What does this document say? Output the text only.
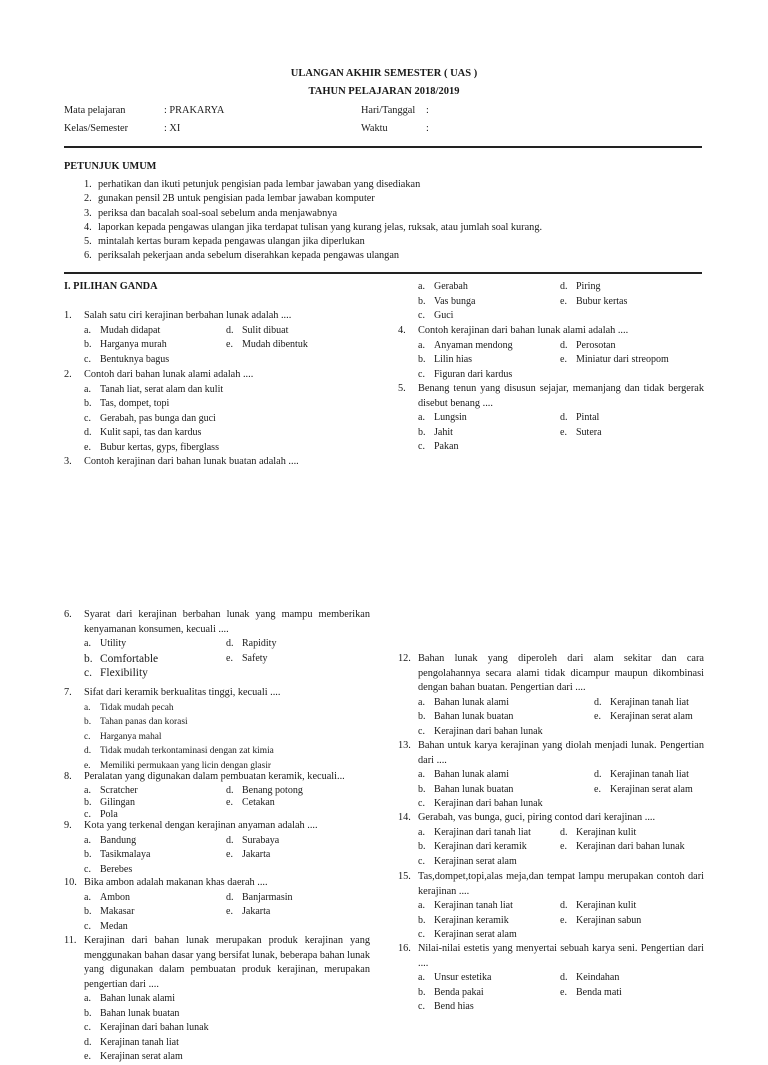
ULANGAN AKHIR SEMESTER ( UAS )
TAHUN PELAJARAN 2018/2019
Mata pelajaran	: PRAKARYA	Hari/Tanggal :
Kelas/Semester	: XI	Waktu	:
PETUNJUK UMUM
1. perhatikan dan ikuti petunjuk pengisian pada lembar jawaban yang disediakan
2. gunakan pensil 2B untuk pengisian pada lembar jawaban komputer
3. periksa dan bacalah soal-soal sebelum anda menjawabnya
4. laporkan kepada pengawas ulangan jika terdapat tulisan yang kurang jelas, ruksak, atau jumlah soal kurang.
5. mintalah kertas buram kepada pengawas ulangan jika diperlukan
6. periksalah pekerjaan anda sebelum diserahkan kepada pengawas ulangan
I. PILIHAN GANDA
1.	Salah satu ciri kerajinan berbahan lunak adalah ....
a. Mudah didapat	d. Sulit dibuat
b. Harganya murah	e. Mudah dibentuk
c. Bentuknya bagus
2.	Contoh dari bahan lunak alami adalah ....
a. Tanah liat, serat alam dan kulit
b. Tas, dompet, topi
c. Gerabah, pas bunga dan guci
d. Kulit sapi, tas dan kardus
e. Bubur kertas, gyps, fiberglass
3.	Contoh kerajinan dari bahan lunak buatan adalah ....
a. Gerabah	d. Piring
b. Vas bunga	e. Bubur kertas
c. Guci
4.	Contoh kerajinan dari bahan lunak alami adalah ....
a. Anyaman mendong	d. Perosotan
b. Lilin hias	e. Miniatur dari streopom
c. Figuran dari kardus
5.	Benang tenun yang disusun sejajar, memanjang dan tidak bergerak disebut benang ....
a. Lungsin	d. Pintal
b. Jahit	e. Sutera
c. Pakan
6.	Syarat dari kerajinan berbahan lunak yang mampu memberikan kenyamanan konsumen, kecuali ....
a. Utility	d. Rapidity
b. Comfortable	e. Safety
c. Flexibility
7.	Sifat dari keramik berkualitas tinggi, kecuali ....
a. Tidak mudah pecah
b. Tahan panas dan korasi
c. Harganya mahal
d. Tidak mudah terkontaminasi dengan zat kimia
e. Memiliki permukaan yang licin dengan glasir
8.	Peralatan yang digunakan dalam pembuatan keramik, kecuali...
a. Scratcher	d. Benang potong
b. Gilingan	e. Cetakan
c. Pola
9.	Kota yang terkenal dengan kerajinan anyaman adalah ....
a. Bandung	d. Surabaya
b. Tasikmalaya	e. Jakarta
c. Berebes
10. Bika ambon adalah makanan khas daerah ....
a. Ambon	d. Banjarmasin
b. Makasar	e. Jakarta
c. Medan
11. Kerajinan dari bahan lunak merupakan produk kerajinan yang menggunakan bahan dasar yang bersifat lunak, beberapa bahan lunak yang digunakan dalam pembuatan produk kerajinan, merupakan pengertian dari ....
a. Bahan lunak alami
b. Bahan lunak buatan
c. Kerajinan dari bahan lunak
d. Kerajinan tanah liat
e. Kerajinan serat alam
12. Bahan lunak yang diperoleh dari alam sekitar dan cara pengolahannya secara alami tidak dicampur maupun dikombinasi dengan bahan buatan. Pengertian dari ....
a. Bahan lunak alami	d. Kerajinan tanah liat
b. Bahan lunak buatan	e. Kerajinan serat alam
c. Kerajinan dari bahan lunak
13. Bahan untuk karya kerajinan yang diolah menjadi lunak. Pengertian dari ....
a. Bahan lunak alami	d. Kerajinan tanah liat
b. Bahan lunak buatan	e. Kerajinan serat alam
c. Kerajinan dari bahan lunak
14. Gerabah, vas bunga, guci, piring contod dari kerajinan ....
a. Kerajinan dari tanah liat	d. Kerajinan kulit
b. Kerajinan dari keramik	e. Kerajinan dari bahan lunak
c. Kerajinan serat alam
15. Tas,dompet,topi,alas meja,dan tempat lampu merupakan contoh dari kerajinan ....
a. Kerajinan tanah liat	d. Kerajinan kulit
b. Kerajinan keramik	e. Kerajinan sabun
c. Kerajinan serat alam
16. Nilai-nilai estetis yang menyertai sebuah karya seni. Pengertian dari ....
a. Unsur estetika	d. Keindahan
b. Benda pakai	e. Benda mati
c. Bend hias
